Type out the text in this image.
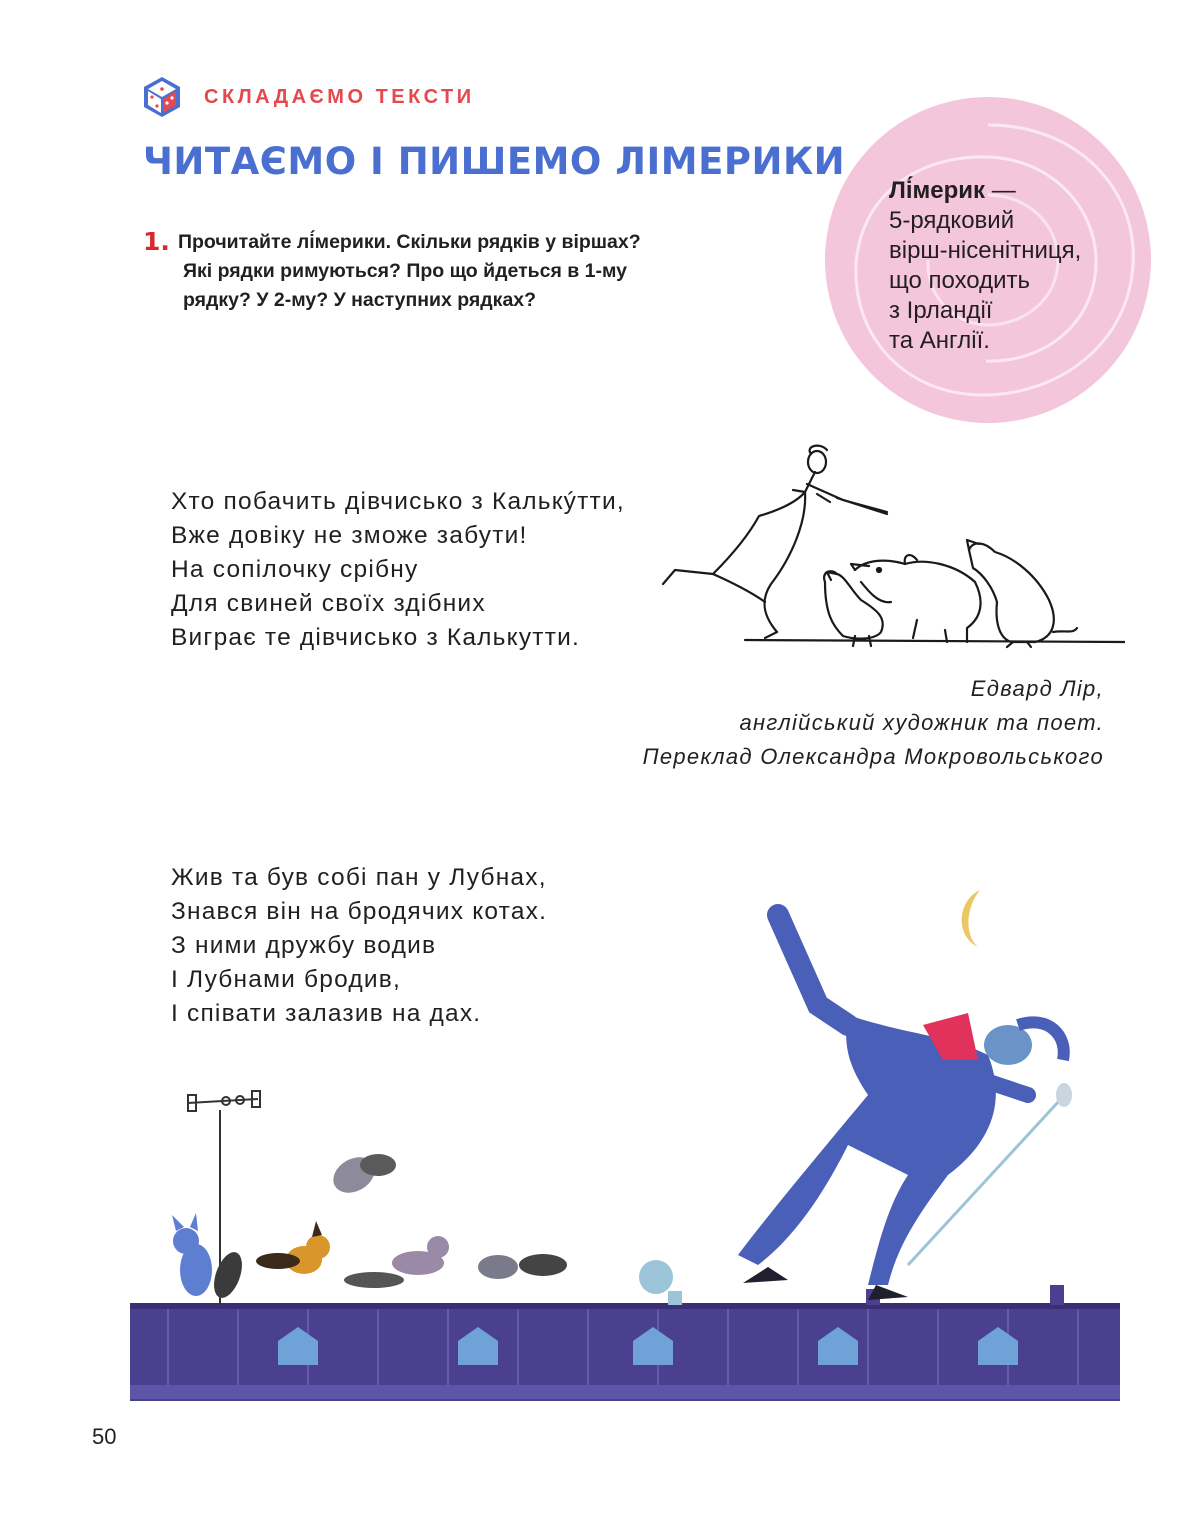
СКЛАДАЄМО ТЕКСТИ
ЧИТАЄМО І ПИШЕМО ЛІМЕРИКИ
Лі́мерик —
5-рядковий
вірш-нісенітниця,
що походить
з Ірландії
та Англії.
1. Прочитайте лі́мерики. Скільки рядків у віршах?
Які рядки римуються? Про що йдеться в 1-му
рядку? У 2-му? У наступних рядках?
Хто побачить дівчисько з Калькýтти,
Вже довіку не зможе забути!
На сопілочку срібну
Для свиней своїх здібних
Виграє те дівчисько з Калькутти.
Едвард Лір,
англійський художник та поет.
Переклад Олександра Мокровольського
Жив та був собі пан у Лубнах,
Знався він на бродячих котах.
З ними дружбу водив
І Лубнами бродив,
І співати залазив на дах.
50
